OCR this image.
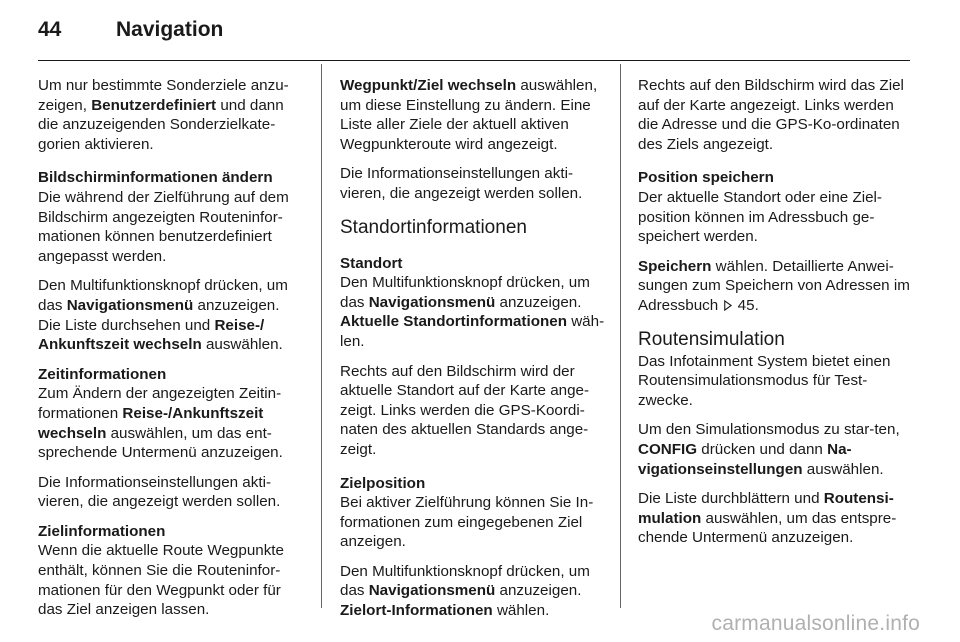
44	Navigation

Um nur bestimmte Sonderziele anzu-zeigen, Benutzerdefiniert und dann die anzuzeigenden Sonderzielkate-gorien aktivieren.

Bildschirminformationen ändern

Die während der Zielführung auf dem Bildschirm angezeigten Routeninfor-mationen können benutzerdefiniert angepasst werden.

Den Multifunktionsknopf drücken, um das Navigationsmenü anzuzeigen. Die Liste durchsehen und Reise-/ Ankunftszeit wechseln auswählen.

Zeitinformationen

Zum Ändern der angezeigten Zeitin-formationen Reise-/Ankunftszeit wechseln auswählen, um das ent-sprechende Untermenü anzuzeigen.

Die Informationseinstellungen akti-vieren, die angezeigt werden sollen.

Zielinformationen

Wenn die aktuelle Route Wegpunkte enthält, können Sie die Routeninfor-mationen für den Wegpunkt oder für das Ziel anzeigen lassen.

Wegpunkt/Ziel wechseln auswählen, um diese Einstellung zu ändern. Eine Liste aller Ziele der aktuell aktiven Wegpunkteroute wird angezeigt.

Die Informationseinstellungen akti-vieren, die angezeigt werden sollen.

Standortinformationen
Standort

Den Multifunktionsknopf drücken, um das Navigationsmenü anzuzeigen. Aktuelle Standortinformationen wäh-len.

Rechts auf den Bildschirm wird der aktuelle Standort auf der Karte ange-zeigt. Links werden die GPS-Koordi-naten des aktuellen Standards ange-zeigt.

Zielposition

Bei aktiver Zielführung können Sie In-formationen zum eingegebenen Ziel anzeigen.

Den Multifunktionsknopf drücken, um das Navigationsmenü anzuzeigen. Zielort-Informationen wählen.

Rechts auf den Bildschirm wird das Ziel auf der Karte angezeigt. Links werden die Adresse und die GPS-Ko-ordinaten des Ziels angezeigt.

Position speichern

Der aktuelle Standort oder eine Ziel-position können im Adressbuch ge-speichert werden.

Speichern wählen. Detaillierte Anwei-sungen zum Speichern von Adressen im Adressbuch  45.

Routensimulation

Das Infotainment System bietet einen Routensimulationsmodus für Test-zwecke.

Um den Simulationsmodus zu star-ten, CONFIG drücken und dann Na-vigationseinstellungen auswählen.

Die Liste durchblättern und Routensi-mulation auswählen, um das entspre-chende Untermenü anzuzeigen.

carmanualsonline.info
